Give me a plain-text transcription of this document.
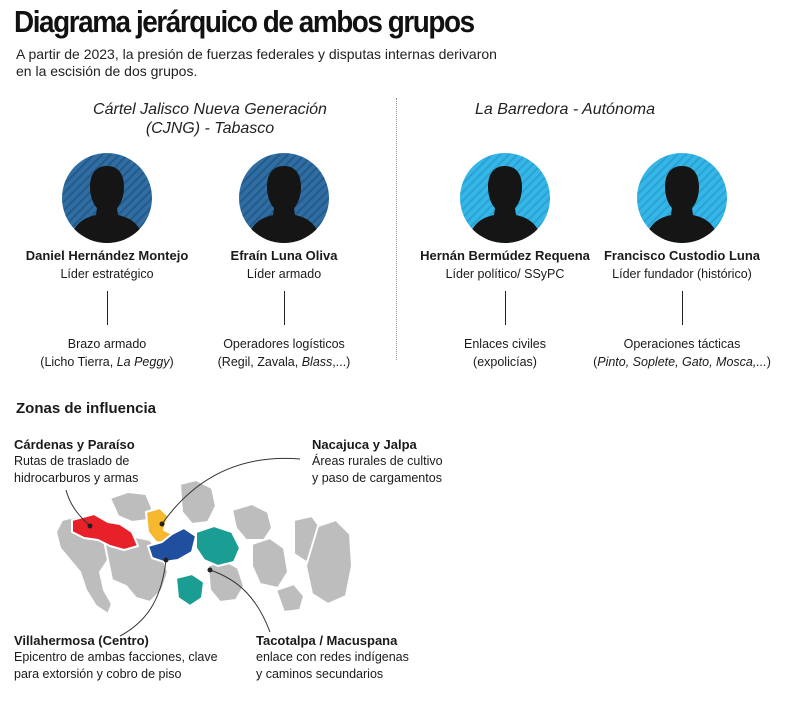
Diagrama jerárquico de ambos grupos
A partir de 2023, la presión de fuerzas federales y disputas internas derivaron
en la escisión de dos grupos.
Cártel Jalisco Nueva Generación
(CJNG) - Tabasco
La Barredora - Autónoma
Daniel Hernández Montejo
Líder estratégico
Brazo armado
(Licho Tierra, La Peggy)
Efraín Luna Oliva
Líder armado
Operadores logísticos
(Regil, Zavala, Blass,...)
Hernán Bermúdez Requena
Líder político/ SSyPC
Enlaces civiles
(expolicías)
Francisco Custodio Luna
Líder fundador (histórico)
Operaciones tácticas
(Pinto, Soplete, Gato, Mosca,...)
Zonas de influencia
Cárdenas y Paraíso
Rutas de traslado de
hidrocarburos y armas
Nacajuca y Jalpa
Áreas rurales de cultivo
y paso de cargamentos
Villahermosa (Centro)
Epicentro de ambas facciones, clave
para extorsión y cobro de piso
Tacotalpa / Macuspana
enlace con redes indígenas
y caminos secundarios
